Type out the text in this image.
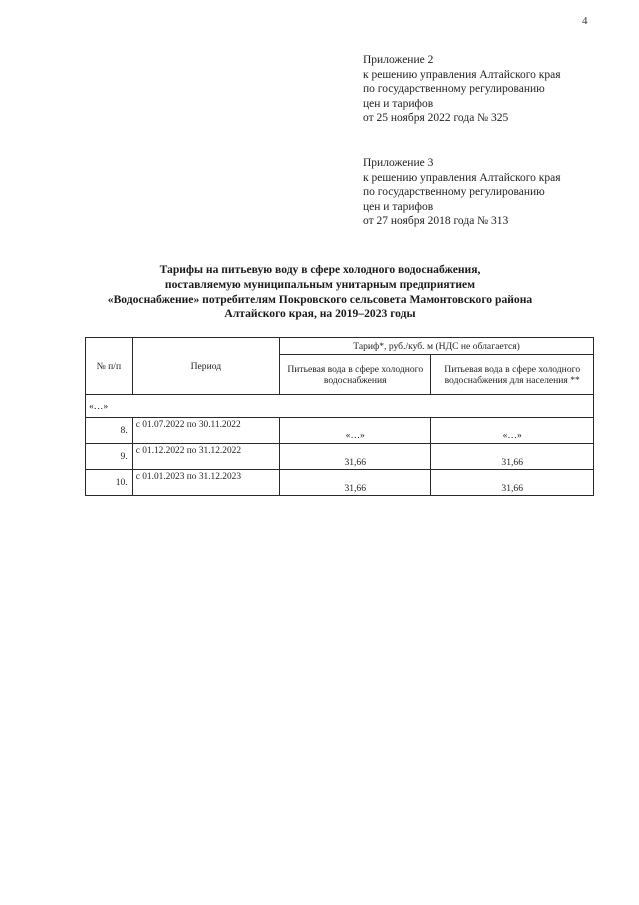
4
Приложение 2
к решению управления Алтайского края
по государственному регулированию
цен и тарифов
от 25 ноября 2022 года № 325
Приложение 3
к решению управления Алтайского края
по государственному регулированию
цен и тарифов
от 27 ноября 2018 года № 313
Тарифы на питьевую воду в сфере холодного водоснабжения,
поставляемую муниципальным унитарным предприятием
«Водоснабжение» потребителям Покровского сельсовета Мамонтовского района
Алтайского края, на 2019–2023 годы
№ п/п	Период	Тариф*, руб./куб. м (НДС не облагается)	
		Питьевая вода в сфере холодного водоснабжения	Питьевая вода в сфере холодного водоснабжения для населения **
«…»			
8.	с 01.07.2022 по 30.11.2022	«…»	«…»
9.	с 01.12.2022 по 31.12.2022	31,66	31,66
10.	с 01.01.2023 по 31.12.2023	31,66	31,66
